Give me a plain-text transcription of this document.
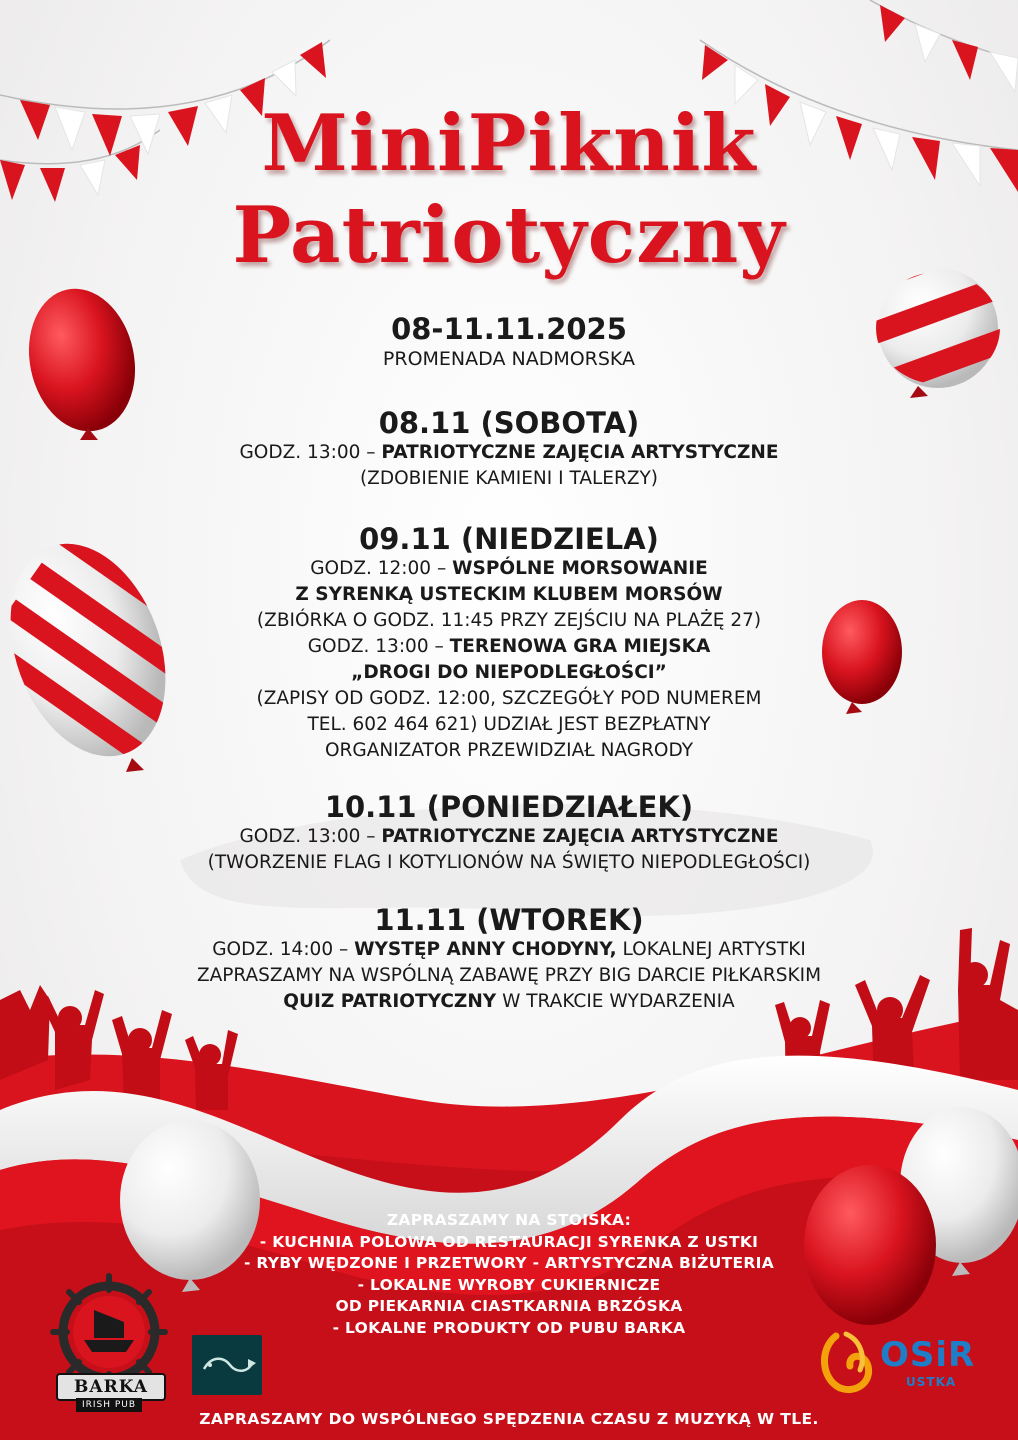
MiniPiknik
Patriotyczny
08-11.11.2025
PROMENADA NADMORSKA
08.11 (SOBOTA)
GODZ. 13:00 – PATRIOTYCZNE ZAJĘCIA ARTYSTYCZNE
(ZDOBIENIE KAMIENI I TALERZY)
09.11 (NIEDZIELA)
GODZ. 12:00 – WSPÓLNE MORSOWANIE
Z SYRENKĄ USTECKIM KLUBEM MORSÓW
(ZBIÓRKA O GODZ. 11:45 PRZY ZEJŚCIU NA PLAŻĘ 27)
GODZ. 13:00 – TERENOWA GRA MIEJSKA
„DROGI DO NIEPODLEGŁOŚCI”
(ZAPISY OD GODZ. 12:00, SZCZEGÓŁY POD NUMEREM
TEL. 602 464 621) UDZIAŁ JEST BEZPŁATNY
ORGANIZATOR PRZEWIDZIAŁ NAGRODY
10.11 (PONIEDZIAŁEK)
GODZ. 13:00 – PATRIOTYCZNE ZAJĘCIA ARTYSTYCZNE
(TWORZENIE FLAG I KOTYLIONÓW NA ŚWIĘTO NIEPODLEGŁOŚCI)
11.11 (WTOREK)
GODZ. 14:00 – WYSTĘP ANNY CHODYNY, LOKALNEJ ARTYSTKI
ZAPRASZAMY NA WSPÓLNĄ ZABAWĘ PRZY BIG DARCIE PIŁKARSKIM
QUIZ PATRIOTYCZNY W TRAKCIE WYDARZENIA
ZAPRASZAMY NA STOISKA:
- KUCHNIA POLOWA OD RESTAURACJI SYRENKA Z USTKI
- RYBY WĘDZONE I PRZETWORY - ARTYSTYCZNA BIŻUTERIA
- LOKALNE WYROBY CUKIERNICZE
OD PIEKARNIA CIASTKARNIA BRZÓSKA
- LOKALNE PRODUKTY OD PUBU BARKA
ZAPRASZAMY DO WSPÓLNEGO SPĘDZENIA CZASU Z MUZYKĄ W TLE.
BARKA
IRISH PUB
OSiR
USTKA
